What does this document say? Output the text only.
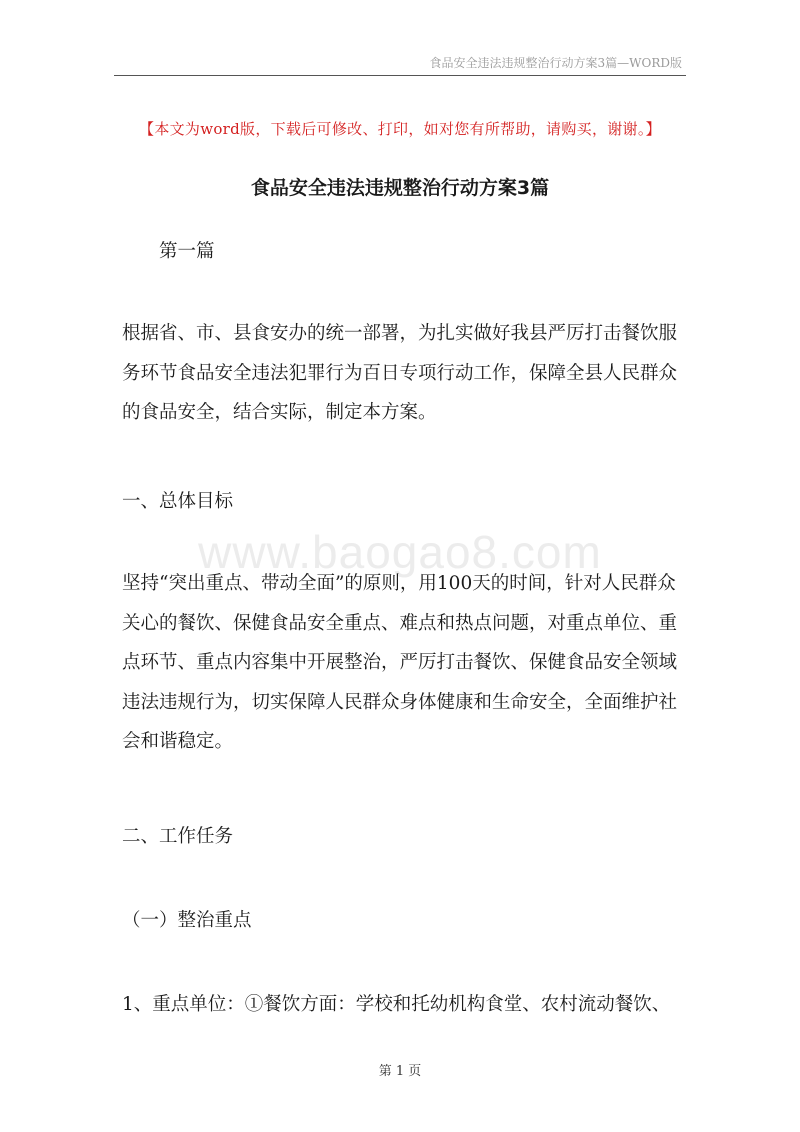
食品安全违法违规整治行动方案3篇—WORD版
【本文为word版，下载后可修改、打印，如对您有所帮助，请购买，谢谢。】
食品安全违法违规整治行动方案3篇
第一篇
根据省、市、县食安办的统一部署，为扎实做好我县严厉打击餐饮服务环节食品安全违法犯罪行为百日专项行动工作，保障全县人民群众的食品安全，结合实际，制定本方案。
一、总体目标
www.baogao8.com
坚持“突出重点、带动全面”的原则，用100天的时间，针对人民群众关心的餐饮、保健食品安全重点、难点和热点问题，对重点单位、重点环节、重点内容集中开展整治，严厉打击餐饮、保健食品安全领域违法违规行为，切实保障人民群众身体健康和生命安全，全面维护社会和谐稳定。
二、工作任务
（一）整治重点
1、重点单位：①餐饮方面：学校和托幼机构食堂、农村流动餐饮、
第 1 页
